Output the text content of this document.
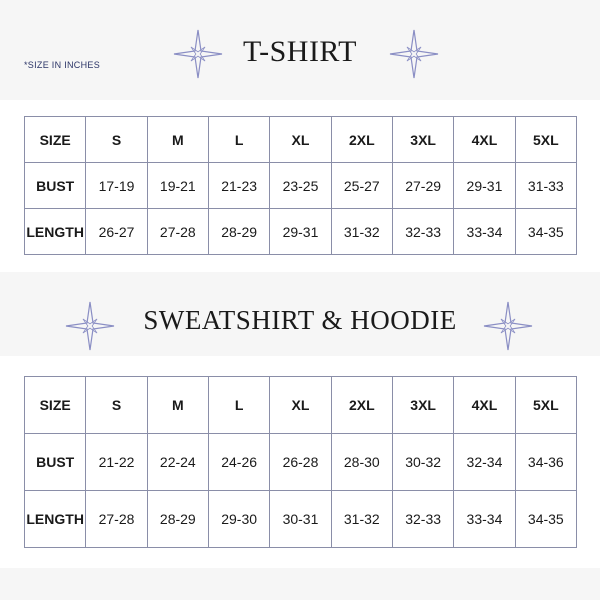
*SIZE IN INCHES	T-SHIRT
SIZE	S	M	L	XL	2XL	3XL	4XL	5XL
BUST	17-19	19-21	21-23	23-25	25-27	27-29	29-31	31-33
LENGTH	26-27	27-28	28-29	29-31	31-32	32-33	33-34	34-35
SWEATSHIRT & HOODIE
SIZE	S	M	L	XL	2XL	3XL	4XL	5XL
BUST	21-22	22-24	24-26	26-28	28-30	30-32	32-34	34-36
LENGTH	27-28	28-29	29-30	30-31	31-32	32-33	33-34	34-35
